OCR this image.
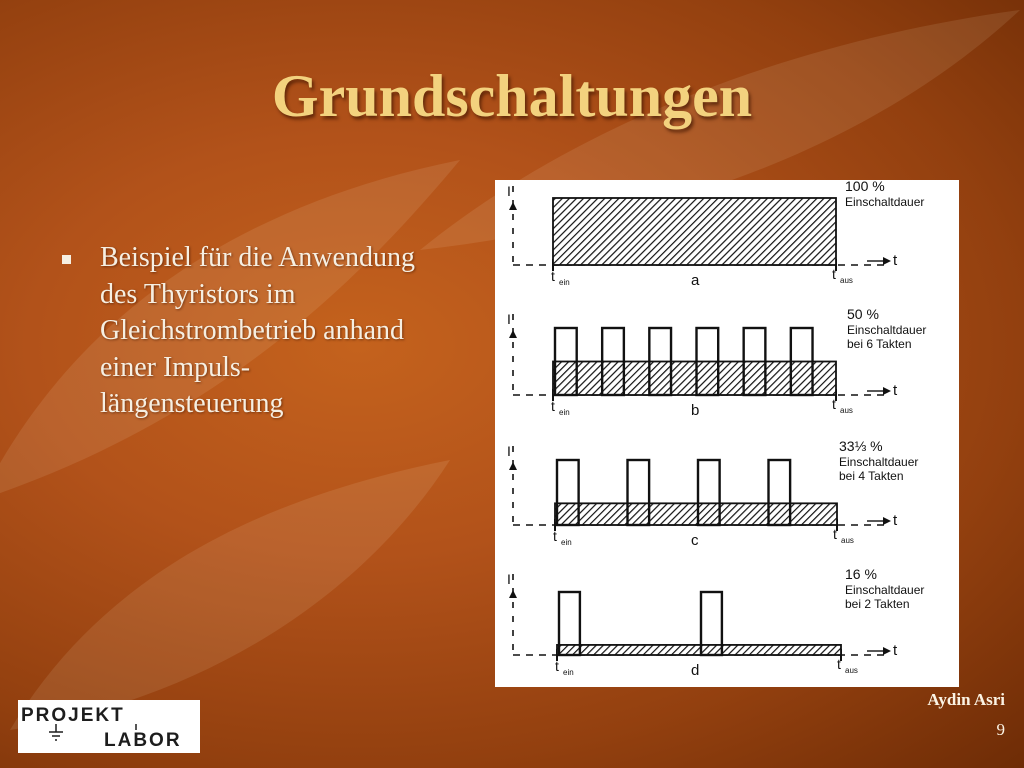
Grundschaltungen
Beispiel für die Anwendung
des Thyristors im
Gleichstrombetrieb anhand
einer Impuls-
längensteuerung
I
t
t ein
t aus
a
100 %
Einschaltdauer
I
t
t ein
t aus
b
50 %
Einschaltdauer
bei 6 Takten
I
t
t ein
t aus
c
33⅓ %
Einschaltdauer
bei 4 Takten
I
t
t ein
t aus
d
16 %
Einschaltdauer
bei 2 Takten
PROJEKT
LABOR
Aydin Asri
9
